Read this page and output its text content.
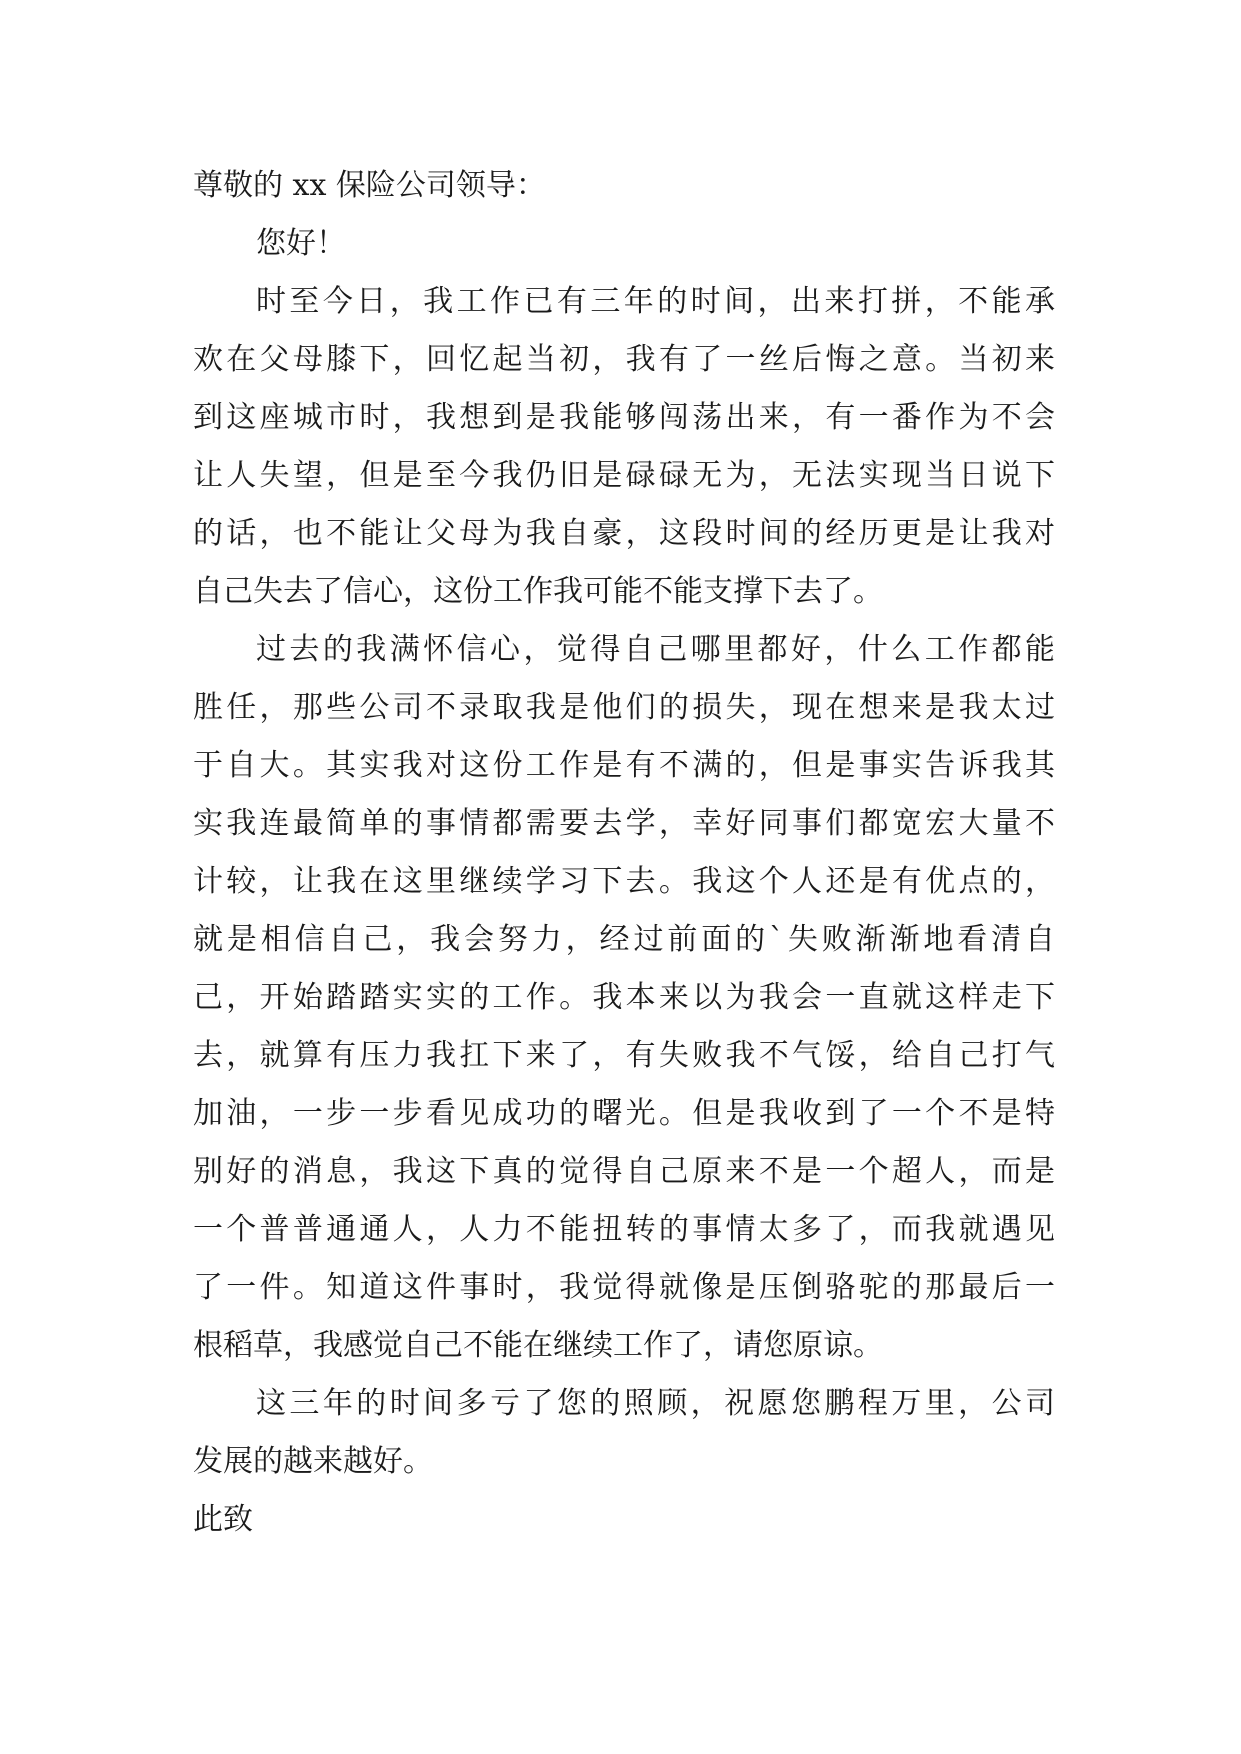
尊敬的 xx 保险公司领导：
您好！
时至今日，我工作已有三年的时间，出来打拼，不能承
欢在父母膝下，回忆起当初，我有了一丝后悔之意。当初来
到这座城市时，我想到是我能够闯荡出来，有一番作为不会
让人失望，但是至今我仍旧是碌碌无为，无法实现当日说下
的话，也不能让父母为我自豪，这段时间的经历更是让我对
自己失去了信心，这份工作我可能不能支撑下去了。
过去的我满怀信心，觉得自己哪里都好，什么工作都能
胜任，那些公司不录取我是他们的损失，现在想来是我太过
于自大。其实我对这份工作是有不满的，但是事实告诉我其
实我连最简单的事情都需要去学，幸好同事们都宽宏大量不
计较，让我在这里继续学习下去。我这个人还是有优点的，
就是相信自己，我会努力，经过前面的`失败渐渐地看清自
己，开始踏踏实实的工作。我本来以为我会一直就这样走下
去，就算有压力我扛下来了，有失败我不气馁，给自己打气
加油，一步一步看见成功的曙光。但是我收到了一个不是特
别好的消息，我这下真的觉得自己原来不是一个超人，而是
一个普普通通人，人力不能扭转的事情太多了，而我就遇见
了一件。知道这件事时，我觉得就像是压倒骆驼的那最后一
根稻草，我感觉自己不能在继续工作了，请您原谅。
这三年的时间多亏了您的照顾，祝愿您鹏程万里，公司
发展的越来越好。
此致
